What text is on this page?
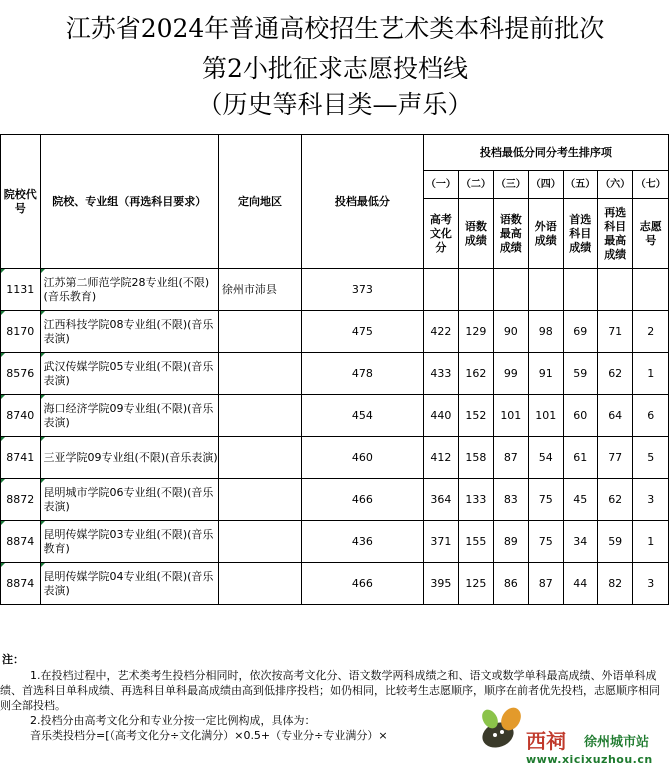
江苏省2024年普通高校招生艺术类本科提前批次
第2小批征求志愿投档线
（历史等科目类—声乐）
院校代号	院校、专业组（再选科目要求）	定向地区	投档最低分	投档最低分同分考生排序项						
				（一）	（二）	（三）	（四）	（五）	（六）	（七）
				高考文化分	语数成绩	语数最高成绩	外语成绩	首选科目成绩	再选科目最高成绩	志愿号
1131	江苏第二师范学院28专业组(不限)(音乐教育)	徐州市沛县	373							
8170	江西科技学院08专业组(不限)(音乐表演)		475	422	129	90	98	69	71	2
8576	武汉传媒学院05专业组(不限)(音乐表演)		478	433	162	99	91	59	62	1
8740	海口经济学院09专业组(不限)(音乐表演)		454	440	152	101	101	60	64	6
8741	三亚学院09专业组(不限)(音乐表演)		460	412	158	87	54	61	77	5
8872	昆明城市学院06专业组(不限)(音乐表演)		466	364	133	83	75	45	62	3
8874	昆明传媒学院03专业组(不限)(音乐教育)		436	371	155	89	75	34	59	1
8874	昆明传媒学院04专业组(不限)(音乐表演)		466	395	125	86	87	44	82	3
注：
1.在投档过程中，艺术类考生投档分相同时，依次按高考文化分、语文数学两科成绩之和、语文或数学单科最高成绩、外语单科成绩、首选科目单科成绩、再选科目单科最高成绩由高到低排序投档；如仍相同，比较考生志愿顺序，顺序在前者优先投档，志愿顺序相同则全部投档。
2.投档分由高考文化分和专业分按一定比例构成，具体为：
音乐类投档分=[（高考文化分÷文化满分）×0.5+（专业分÷专业满分）×	西祠 徐州城市站
www.xicixuzhou.cn
